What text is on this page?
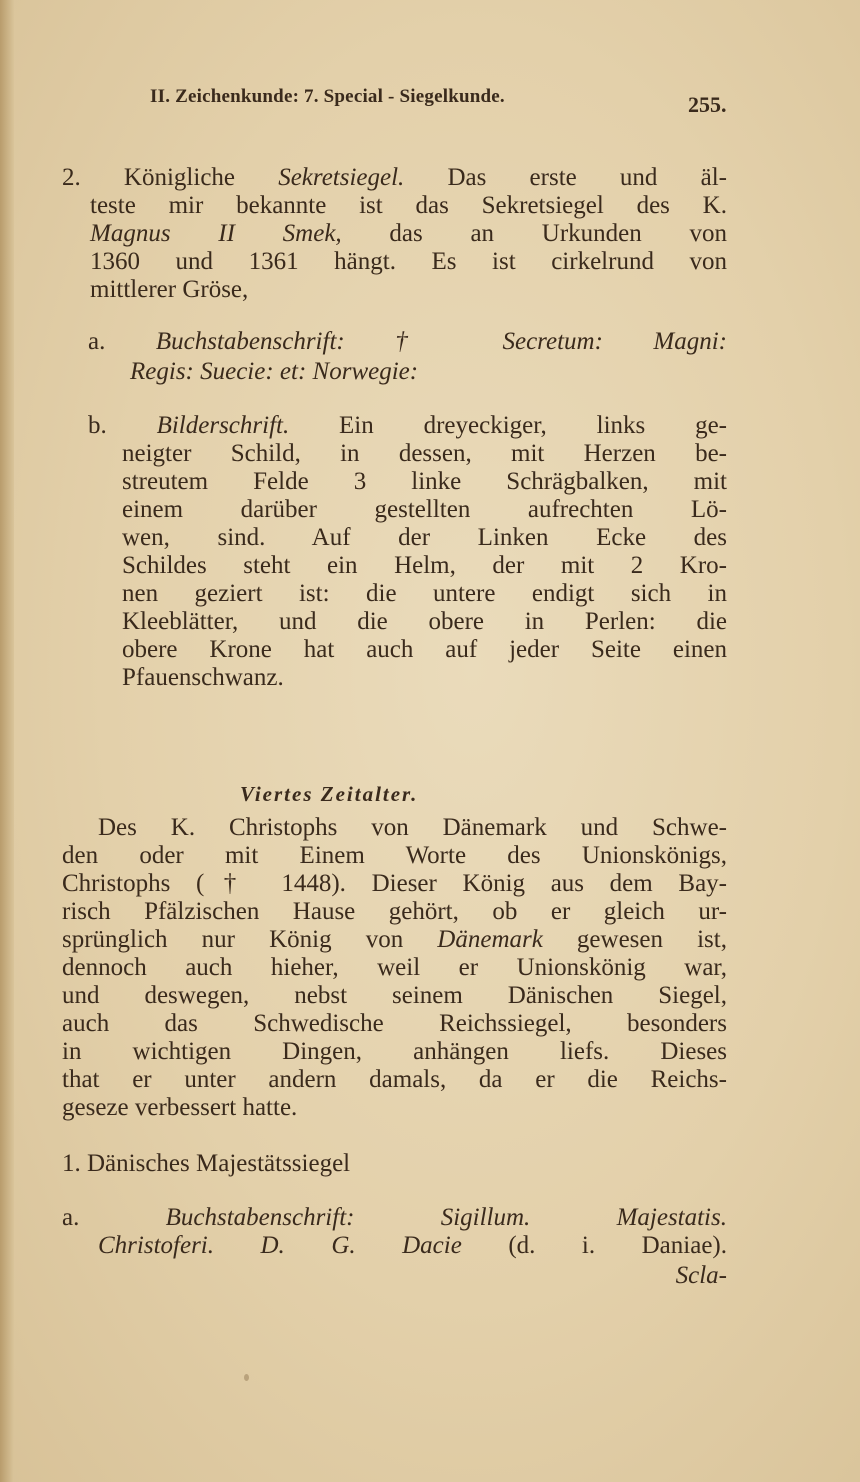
II. Zeichenkunde: 7. Special - Siegelkunde.	255.
Viertes Zeitalter.
2. Königliche Sekretsiegel. Das erste und äl-
teste mir bekannte ist das Sekretsiegel des K.
Magnus II Smek, das an Urkunden von
1360 und 1361 hängt. Es ist cirkelrund von
mittlerer Gröse,
a. Buchstabenschrift: † Secretum: Magni:
Regis: Suecie: et: Norwegie:
b. Bilderschrift. Ein dreyeckiger, links ge-
neigter Schild, in dessen, mit Herzen be-
streutem Felde 3 linke Schrägbalken, mit
einem darüber gestellten aufrechten Lö-
wen, sind. Auf der Linken Ecke des
Schildes steht ein Helm, der mit 2 Kro-
nen geziert ist: die untere endigt sich in
Kleeblätter, und die obere in Perlen: die
obere Krone hat auch auf jeder Seite einen
Pfauenschwanz.
Des K. Christophs von Dänemark und Schwe-
den oder mit Einem Worte des Unionskönigs,
Christophs († 1448). Dieser König aus dem Bay-
risch Pfälzischen Hause gehört, ob er gleich ur-
sprünglich nur König von Dänemark gewesen ist,
dennoch auch hieher, weil er Unionskönig war,
und deswegen, nebst seinem Dänischen Siegel,
auch das Schwedische Reichssiegel, besonders
in wichtigen Dingen, anhängen liefs. Dieses
that er unter andern damals, da er die Reichs-
geseze verbessert hatte.
1. Dänisches Majestätssiegel
a. Buchstabenschrift: Sigillum. Majestatis.
Christoferi. D. G. Dacie (d. i. Daniae).
Scla-
